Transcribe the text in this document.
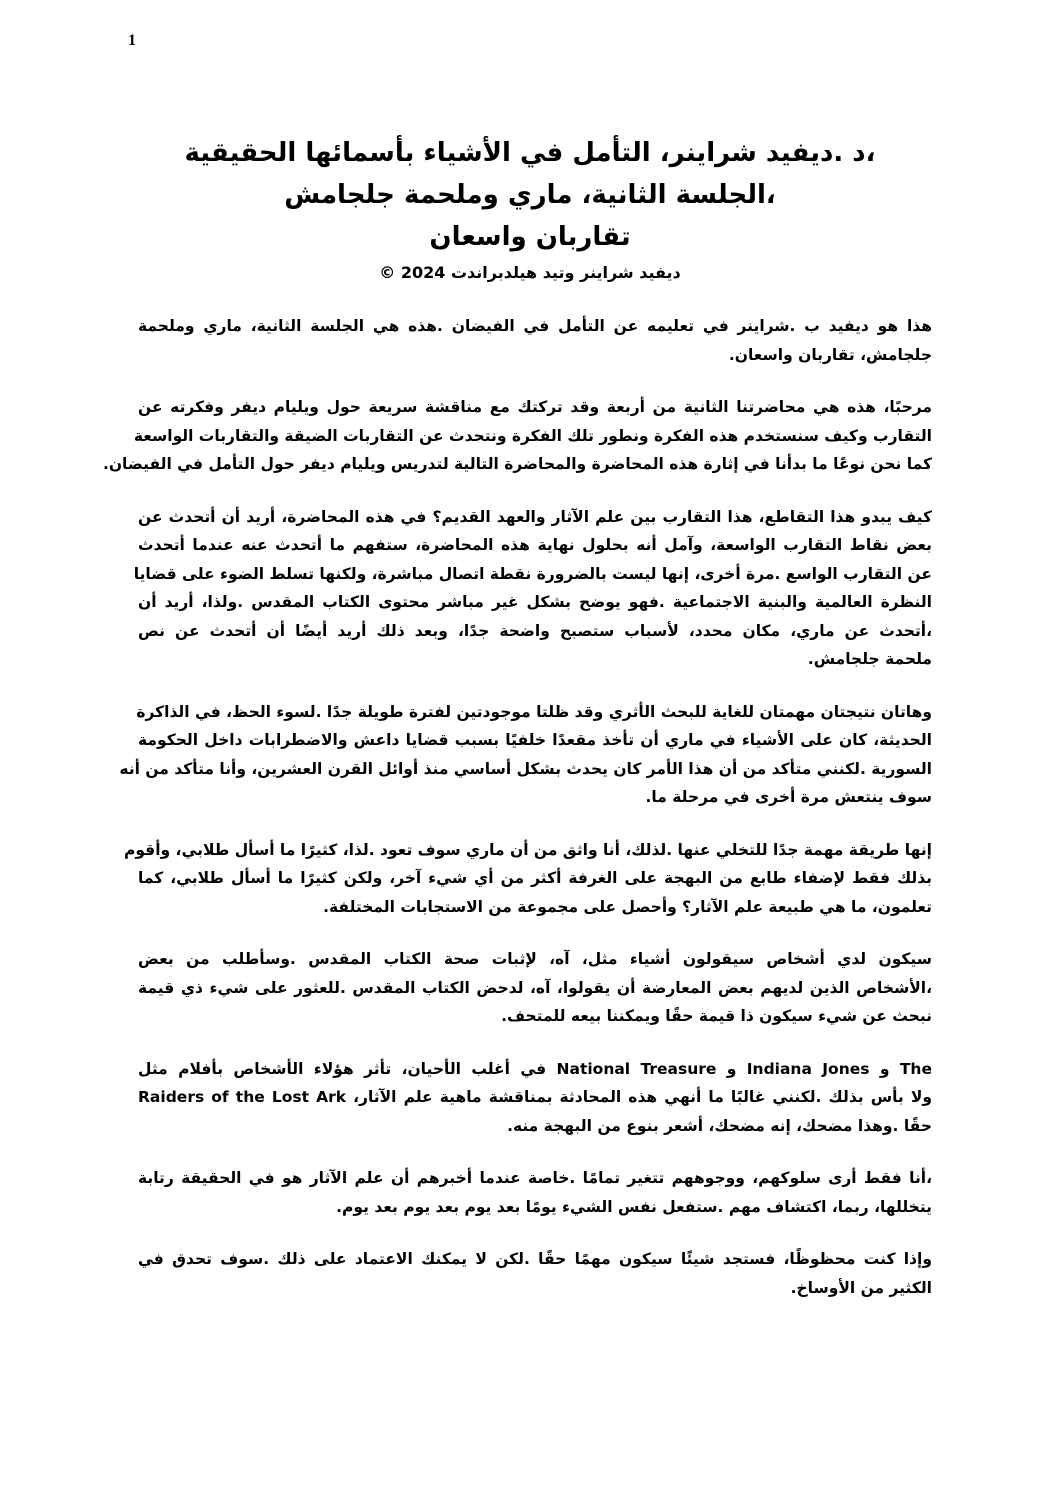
1
،د .ديفيد شراينر، التأمل في الأشياء بأسمائها الحقيقية
،الجلسة الثانية، ماري وملحمة جلجامش
تقاربان واسعان
ديفيد شراينر وتيد هيلدبراندت 2024 ©
هذا هو ديفيد ب .شراينر في تعليمه عن التأمل في الفيضان .هذه هي الجلسة الثانية، ماري وملحمة
جلجامش، تقاربان واسعان.
مرحبًا، هذه هي محاضرتنا الثانية من أربعة وقد تركتك مع مناقشة سريعة حول ويليام ديفر وفكرته عن
التقارب وكيف سنستخدم هذه الفكرة ونطور تلك الفكرة ونتحدث عن التقاربات الضيقة والتقاربات الواسعة
كما نحن نوعًا ما بدأنا في إثارة هذه المحاضرة والمحاضرة التالية لتدريس ويليام ديفر حول التأمل في الفيضان.
كيف يبدو هذا التقاطع، هذا التقارب بين علم الآثار والعهد القديم؟ في هذه المحاضرة، أريد أن أتحدث عن
بعض نقاط التقارب الواسعة، وآمل أنه بحلول نهاية هذه المحاضرة، ستفهم ما أتحدث عنه عندما أتحدث
عن التقارب الواسع .مرة أخرى، إنها ليست بالضرورة نقطة اتصال مباشرة، ولكنها تسلط الضوء على قضايا
النظرة العالمية والبنية الاجتماعية .فهو يوضح بشكل غير مباشر محتوى الكتاب المقدس .ولذا، أريد أن
،أتحدث عن ماري، مكان محدد، لأسباب ستصبح واضحة جدًا، وبعد ذلك أريد أيضًا أن أتحدث عن نص
ملحمة جلجامش.
وهاتان نتيجتان مهمتان للغاية للبحث الأثري وقد ظلتا موجودتين لفترة طويلة جدًا .لسوء الحظ، في الذاكرة
الحديثة، كان على الأشياء في ماري أن تأخذ مقعدًا خلفيًا بسبب قضايا داعش والاضطرابات داخل الحكومة
السورية .لكنني متأكد من أن هذا الأمر كان يحدث بشكل أساسي منذ أوائل القرن العشرين، وأنا متأكد من أنه
سوف ينتعش مرة أخرى في مرحلة ما.
إنها طريقة مهمة جدًا للتخلي عنها .لذلك، أنا واثق من أن ماري سوف تعود .لذا، كثيرًا ما أسأل طلابي، وأقوم
بذلك فقط لإضفاء طابع من البهجة على الغرفة أكثر من أي شيء آخر، ولكن كثيرًا ما أسأل طلابي، كما
تعلمون، ما هي طبيعة علم الآثار؟ وأحصل على مجموعة من الاستجابات المختلفة.
سيكون لدي أشخاص سيقولون أشياء مثل، آه، لإثبات صحة الكتاب المقدس .وسأطلب من بعض
،الأشخاص الذين لديهم بعض المعارضة أن يقولوا، آه، لدحض الكتاب المقدس .للعثور على شيء ذي قيمة
نبحث عن شيء سيكون ذا قيمة حقًا ويمكننا بيعه للمتحف.
The و Indiana Jones و National Treasure في أغلب الأحيان، تأثر هؤلاء الأشخاص بأفلام مثل
ولا بأس بذلك .لكنني غالبًا ما أنهي هذه المحادثة بمناقشة ماهية علم الآثار، Raiders of the Lost Ark
حقًا .وهذا مضحك، إنه مضحك، أشعر بنوع من البهجة منه.
،أنا فقط أرى سلوكهم، ووجوههم تتغير تمامًا .خاصة عندما أخبرهم أن علم الآثار هو في الحقيقة رتابة
يتخللها، ربما، اكتشاف مهم .ستفعل نفس الشيء يومًا بعد يوم بعد يوم بعد يوم.
وإذا كنت محظوظًا، فستجد شيئًا سيكون مهمًا حقًا .لكن لا يمكنك الاعتماد على ذلك .سوف تحدق في
الكثير من الأوساخ.
